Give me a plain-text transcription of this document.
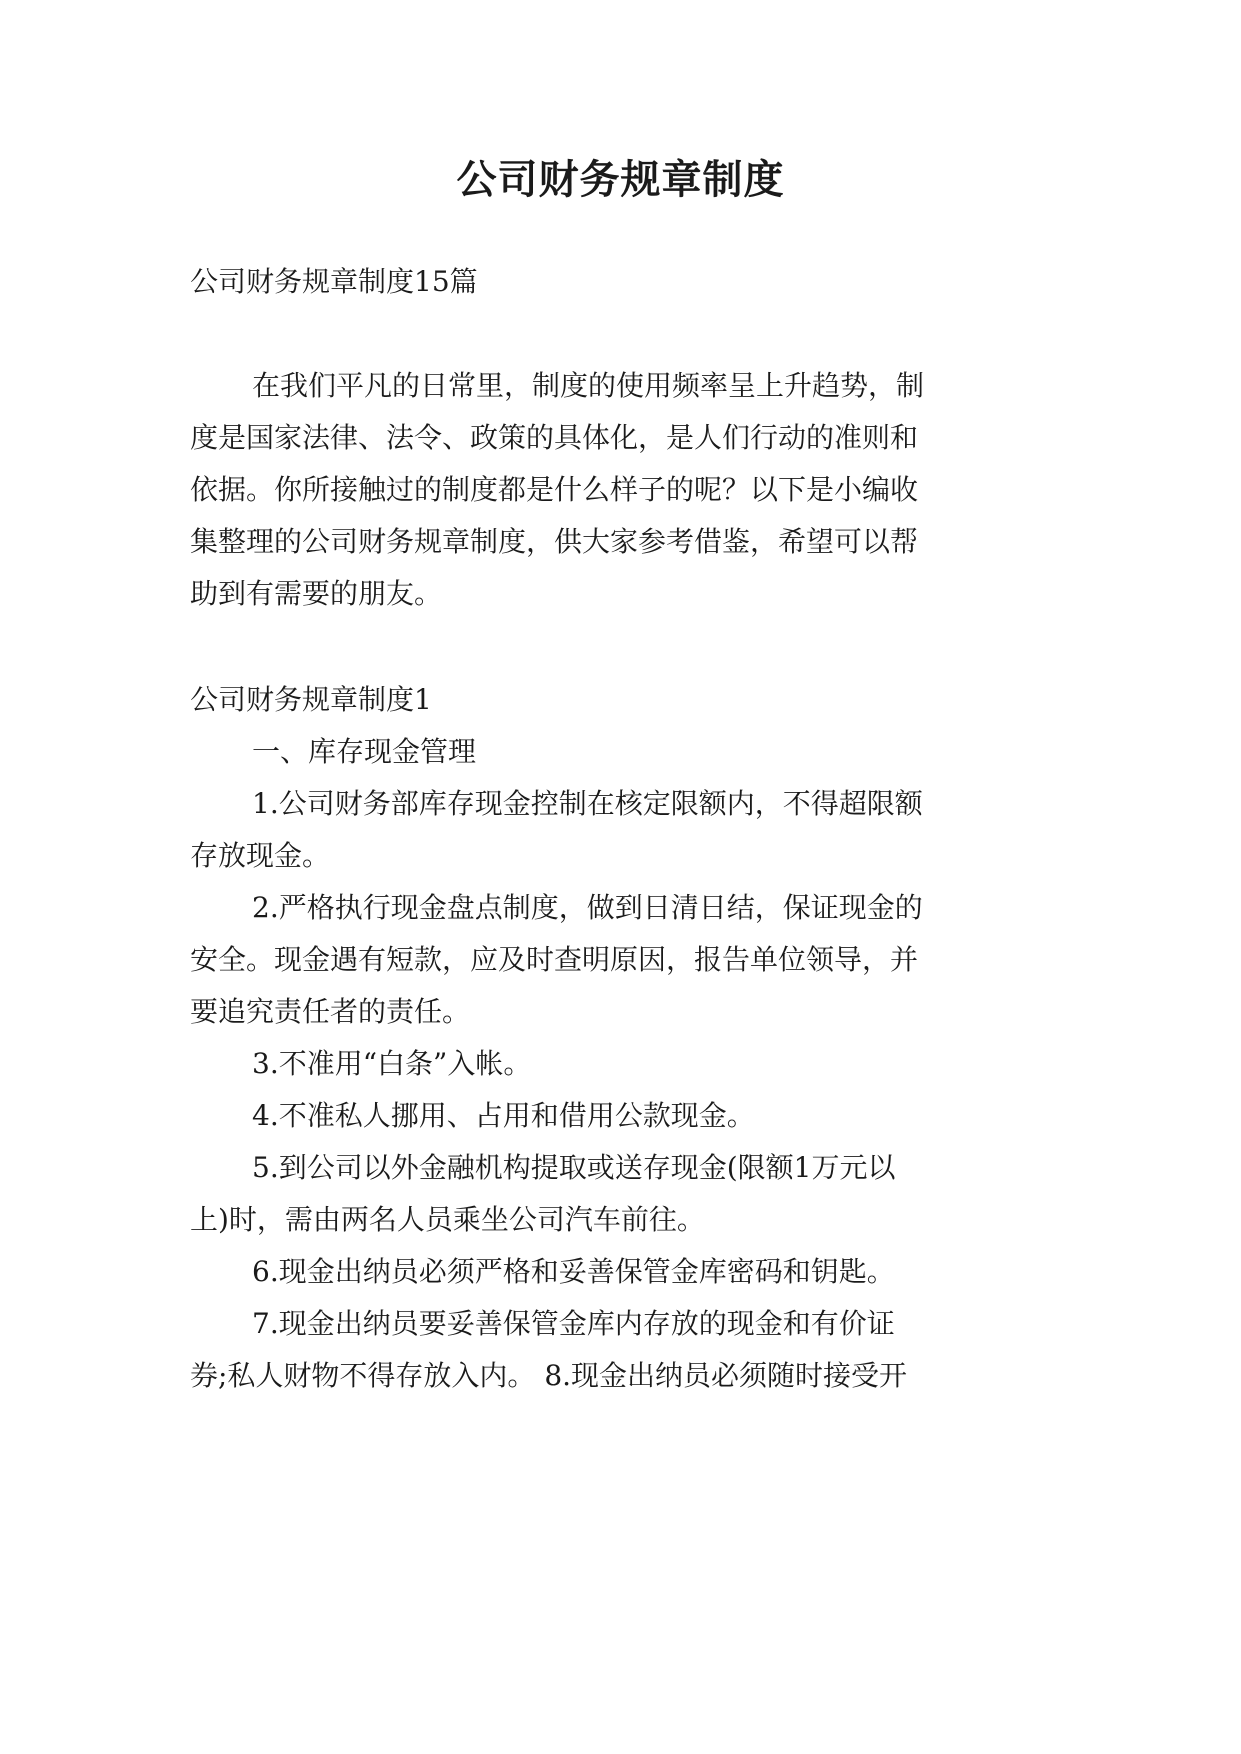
公司财务规章制度

公司财务规章制度15篇

在我们平凡的日常里，制度的使用频率呈上升趋势，制

度是国家法律、法令、政策的具体化，是人们行动的准则和

依据。你所接触过的制度都是什么样子的呢？以下是小编收

集整理的公司财务规章制度，供大家参考借鉴，希望可以帮

助到有需要的朋友。

公司财务规章制度1

一、库存现金管理

1.公司财务部库存现金控制在核定限额内，不得超限额

存放现金。

2.严格执行现金盘点制度，做到日清日结，保证现金的

安全。现金遇有短款，应及时查明原因，报告单位领导，并

要追究责任者的责任。

3.不准用“白条”入帐。

4.不准私人挪用、占用和借用公款现金。

5.到公司以外金融机构提取或送存现金(限额1万元以

上)时，需由两名人员乘坐公司汽车前往。

6.现金出纳员必须严格和妥善保管金库密码和钥匙。

7.现金出纳员要妥善保管金库内存放的现金和有价证

券;私人财物不得存放入内。 8.现金出纳员必须随时接受开
